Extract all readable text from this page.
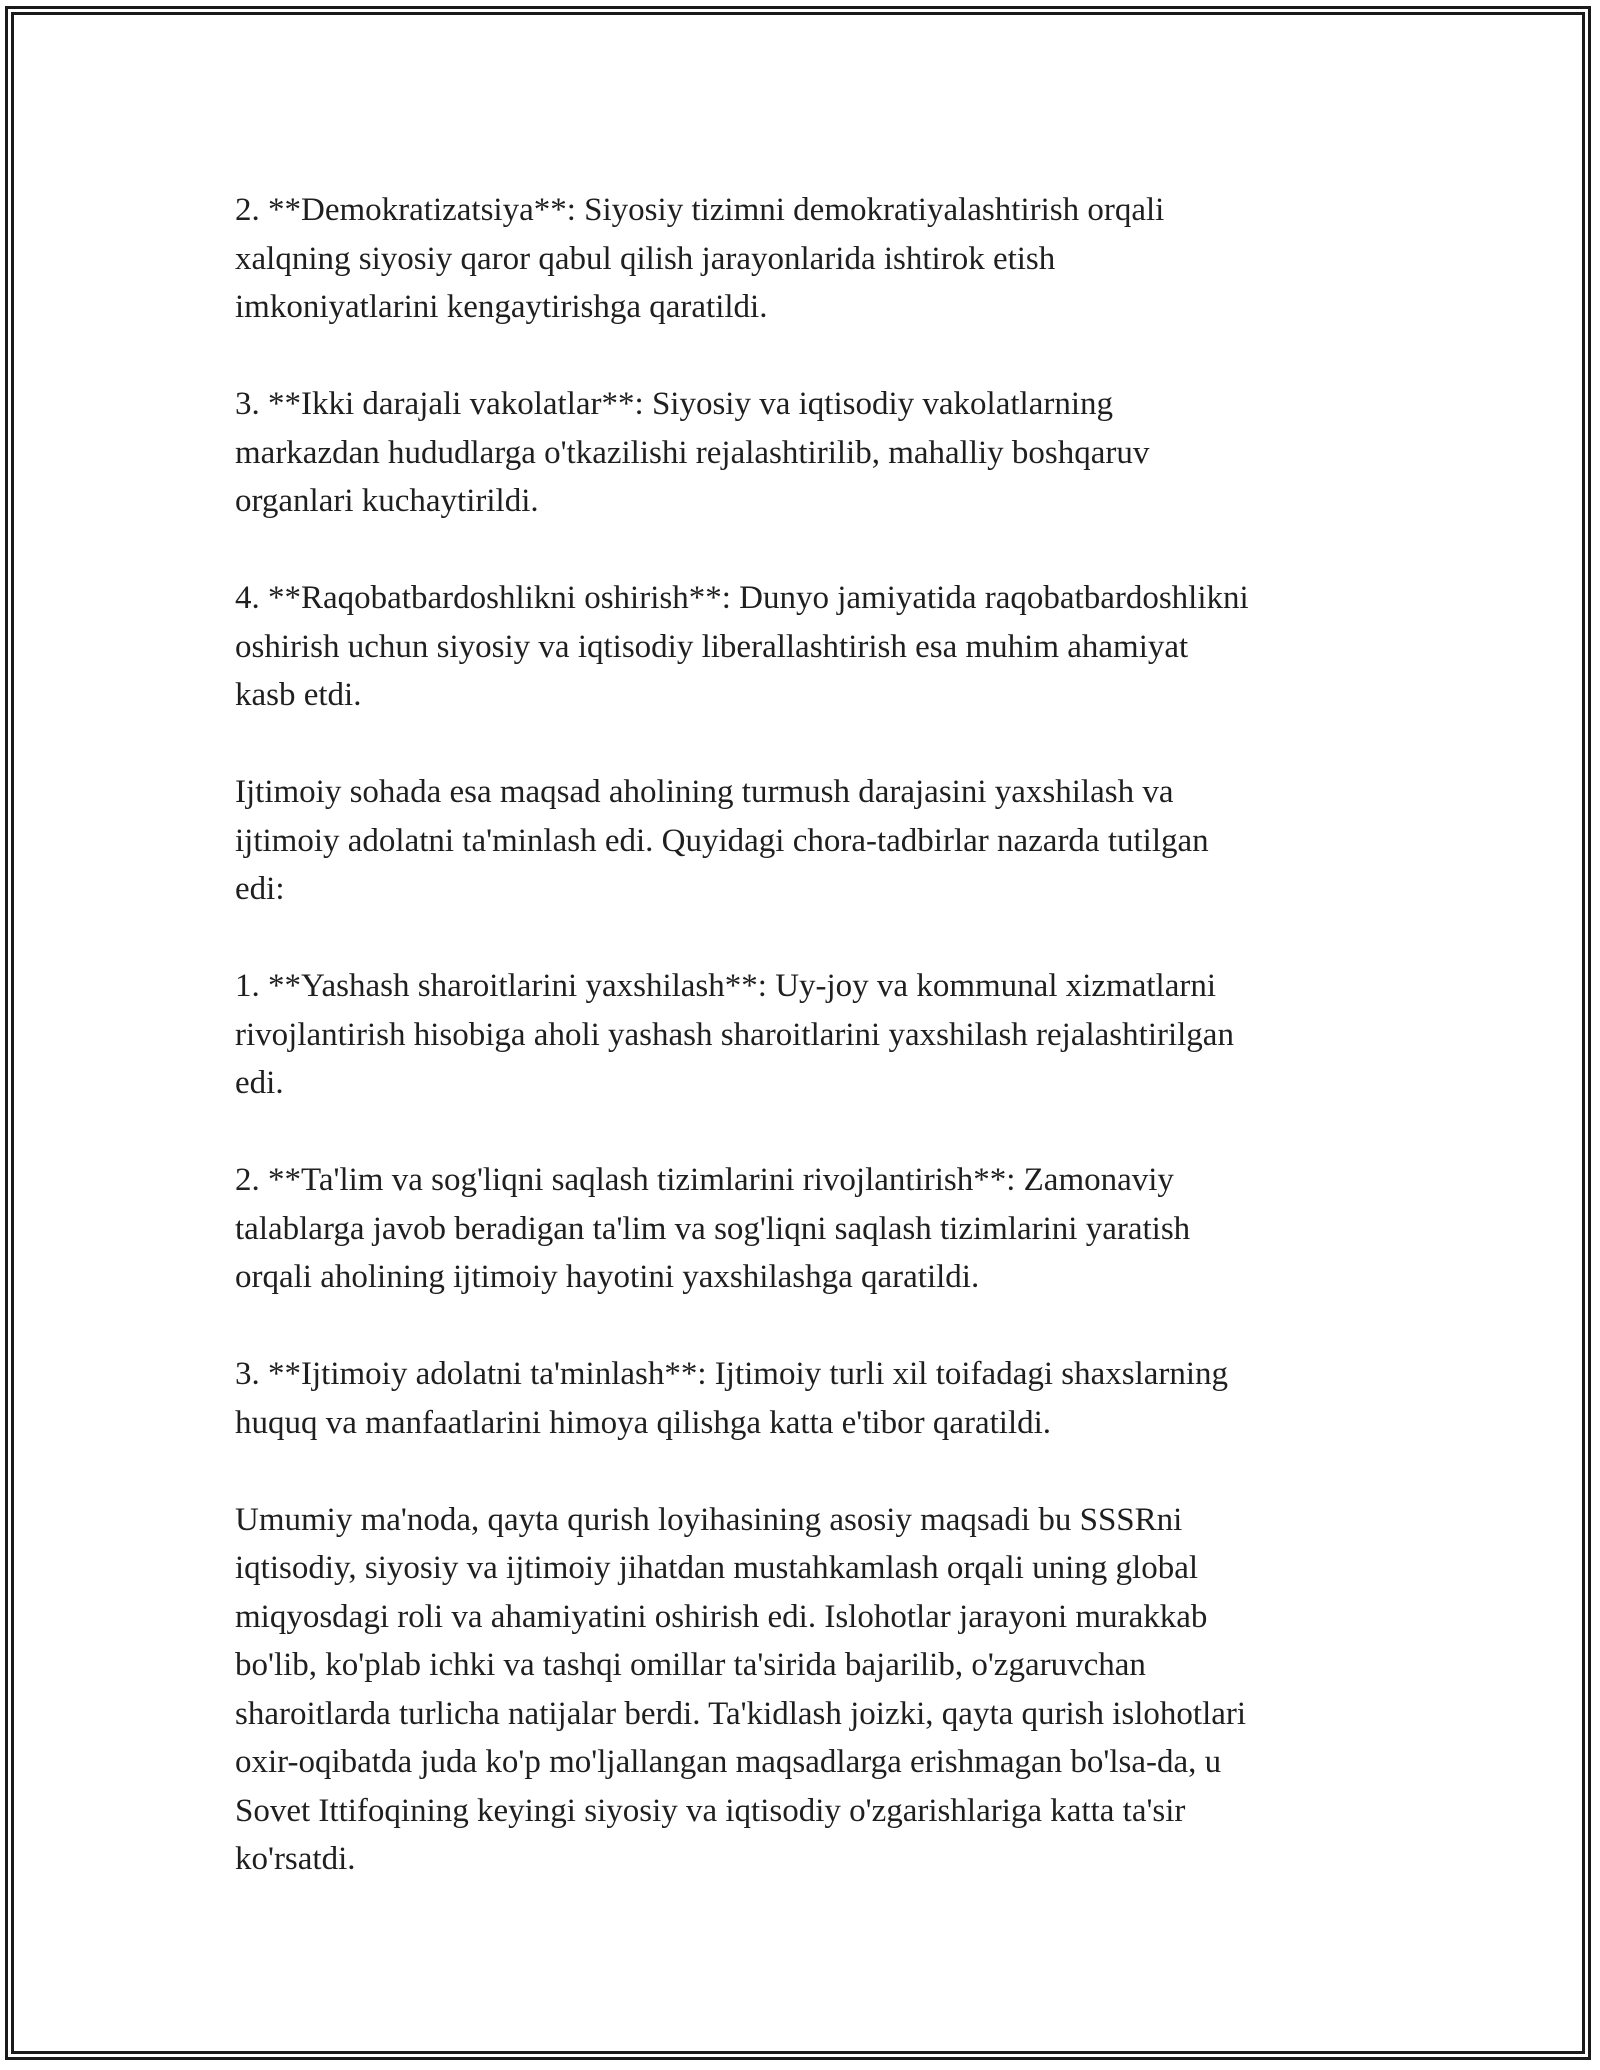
2. **Demokratizatsiya**: Siyosiy tizimni demokratiyalashtirish orqali
xalqning siyosiy qaror qabul qilish jarayonlarida ishtirok etish
imkoniyatlarini kengaytirishga qaratildi.

3. **Ikki darajali vakolatlar**: Siyosiy va iqtisodiy vakolatlarning
markazdan hududlarga o'tkazilishi rejalashtirilib, mahalliy boshqaruv
organlari kuchaytirildi.

4. **Raqobatbardoshlikni oshirish**: Dunyo jamiyatida raqobatbardoshlikni
oshirish uchun siyosiy va iqtisodiy liberallashtirish esa muhim ahamiyat
kasb etdi.

Ijtimoiy sohada esa maqsad aholining turmush darajasini yaxshilash va
ijtimoiy adolatni ta'minlash edi. Quyidagi chora-tadbirlar nazarda tutilgan
edi:

1. **Yashash sharoitlarini yaxshilash**: Uy-joy va kommunal xizmatlarni
rivojlantirish hisobiga aholi yashash sharoitlarini yaxshilash rejalashtirilgan
edi.

2. **Ta'lim va sog'liqni saqlash tizimlarini rivojlantirish**: Zamonaviy
talablarga javob beradigan ta'lim va sog'liqni saqlash tizimlarini yaratish
orqali aholining ijtimoiy hayotini yaxshilashga qaratildi.

3. **Ijtimoiy adolatni ta'minlash**: Ijtimoiy turli xil toifadagi shaxslarning
huquq va manfaatlarini himoya qilishga katta e'tibor qaratildi.

Umumiy ma'noda, qayta qurish loyihasining asosiy maqsadi bu SSSRni
iqtisodiy, siyosiy va ijtimoiy jihatdan mustahkamlash orqali uning global
miqyosdagi roli va ahamiyatini oshirish edi. Islohotlar jarayoni murakkab
bo'lib, ko'plab ichki va tashqi omillar ta'sirida bajarilib, o'zgaruvchan
sharoitlarda turlicha natijalar berdi. Ta'kidlash joizki, qayta qurish islohotlari
oxir-oqibatda juda ko'p mo'ljallangan maqsadlarga erishmagan bo'lsa-da, u
Sovet Ittifoqining keyingi siyosiy va iqtisodiy o'zgarishlariga katta ta'sir
ko'rsatdi.
